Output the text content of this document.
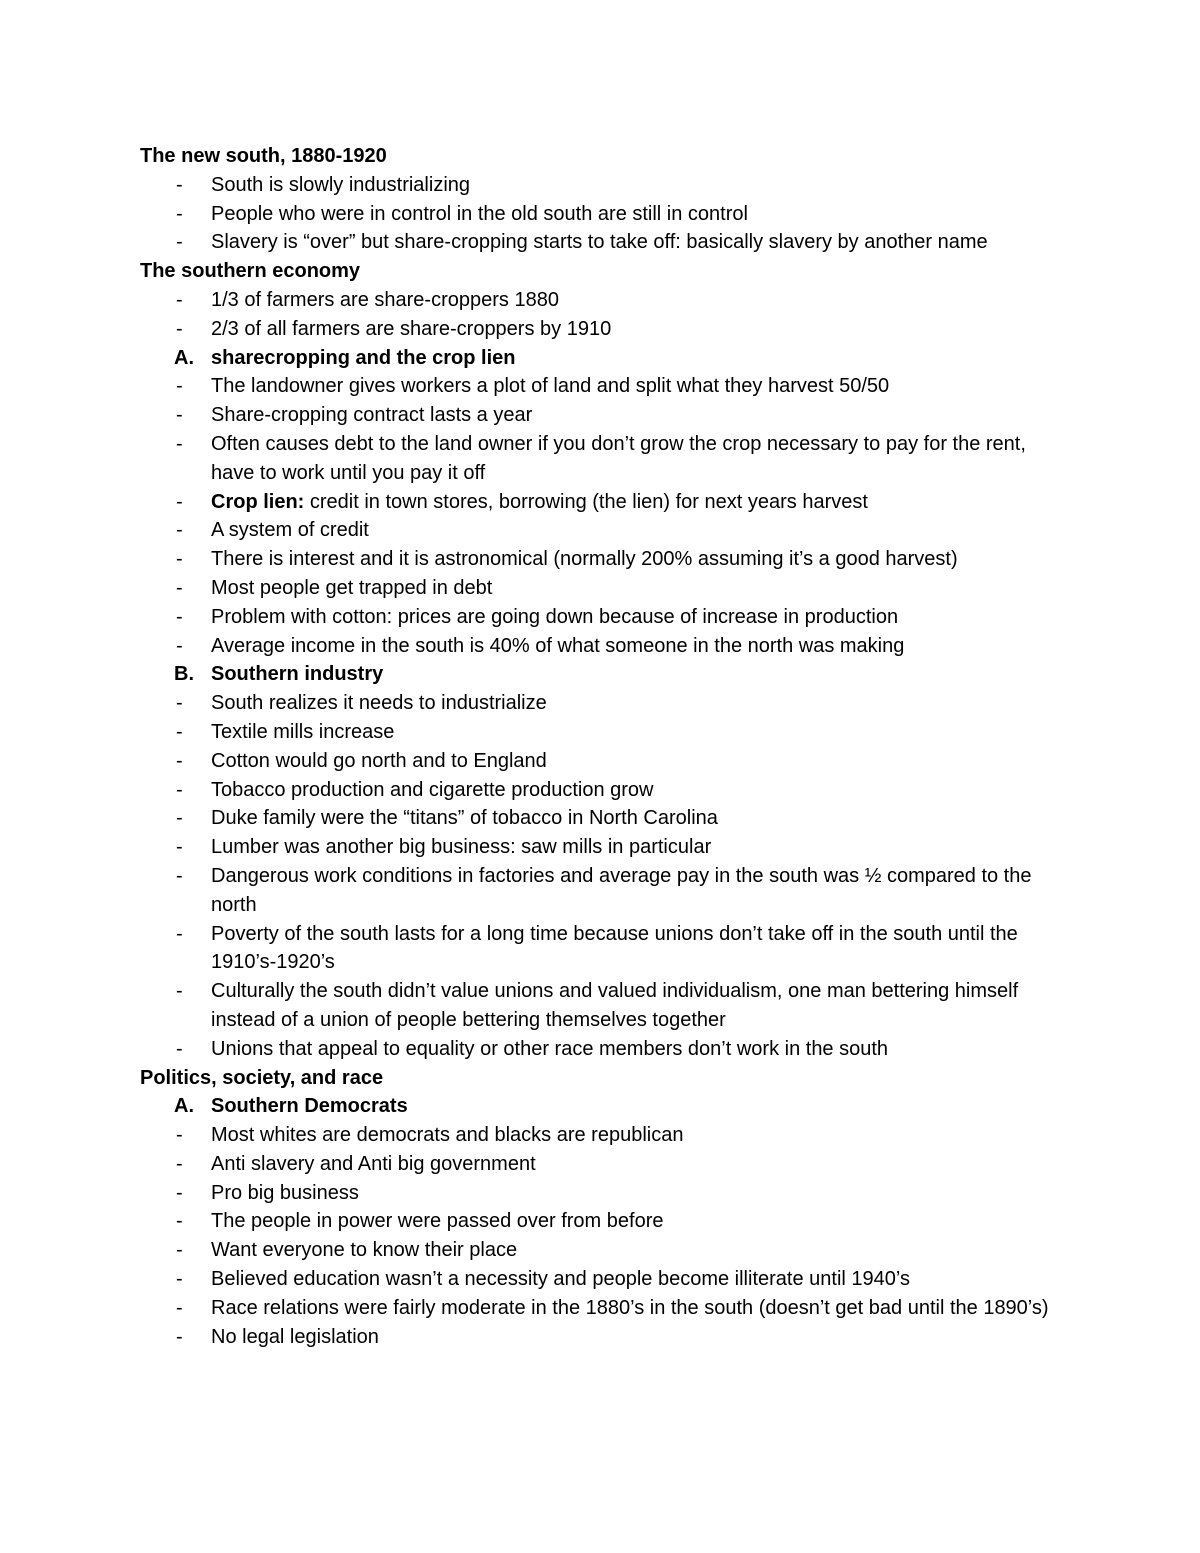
The new south, 1880-1920
- South is slowly industrializing
- People who were in control in the old south are still in control
- Slavery is “over” but share-cropping starts to take off: basically slavery by another name
The southern economy
- 1/3 of farmers are share-croppers 1880
- 2/3 of all farmers are share-croppers by 1910
A. sharecropping and the crop lien
- The landowner gives workers a plot of land and split what they harvest 50/50
- Share-cropping contract lasts a year
- Often causes debt to the land owner if you don’t grow the crop necessary to pay for the rent, have to work until you pay it off
- Crop lien: credit in town stores, borrowing (the lien) for next years harvest
- A system of credit
- There is interest and it is astronomical (normally 200% assuming it’s a good harvest)
- Most people get trapped in debt
- Problem with cotton: prices are going down because of increase in production
- Average income in the south is 40% of what someone in the north was making
B. Southern industry
- South realizes it needs to industrialize
- Textile mills increase
- Cotton would go north and to England
- Tobacco production and cigarette production grow
- Duke family were the “titans” of tobacco in North Carolina
- Lumber was another big business: saw mills in particular
- Dangerous work conditions in factories and average pay in the south was ½ compared to the north
- Poverty of the south lasts for a long time because unions don’t take off in the south until the 1910’s-1920’s
- Culturally the south didn’t value unions and valued individualism, one man bettering himself instead of a union of people bettering themselves together
- Unions that appeal to equality or other race members don’t work in the south
Politics, society, and race
A. Southern Democrats
- Most whites are democrats and blacks are republican
- Anti slavery and Anti big government
- Pro big business
- The people in power were passed over from before
- Want everyone to know their place
- Believed education wasn’t a necessity and people become illiterate until 1940’s
- Race relations were fairly moderate in the 1880’s in the south (doesn’t get bad until the 1890’s)
- No legal legislation
